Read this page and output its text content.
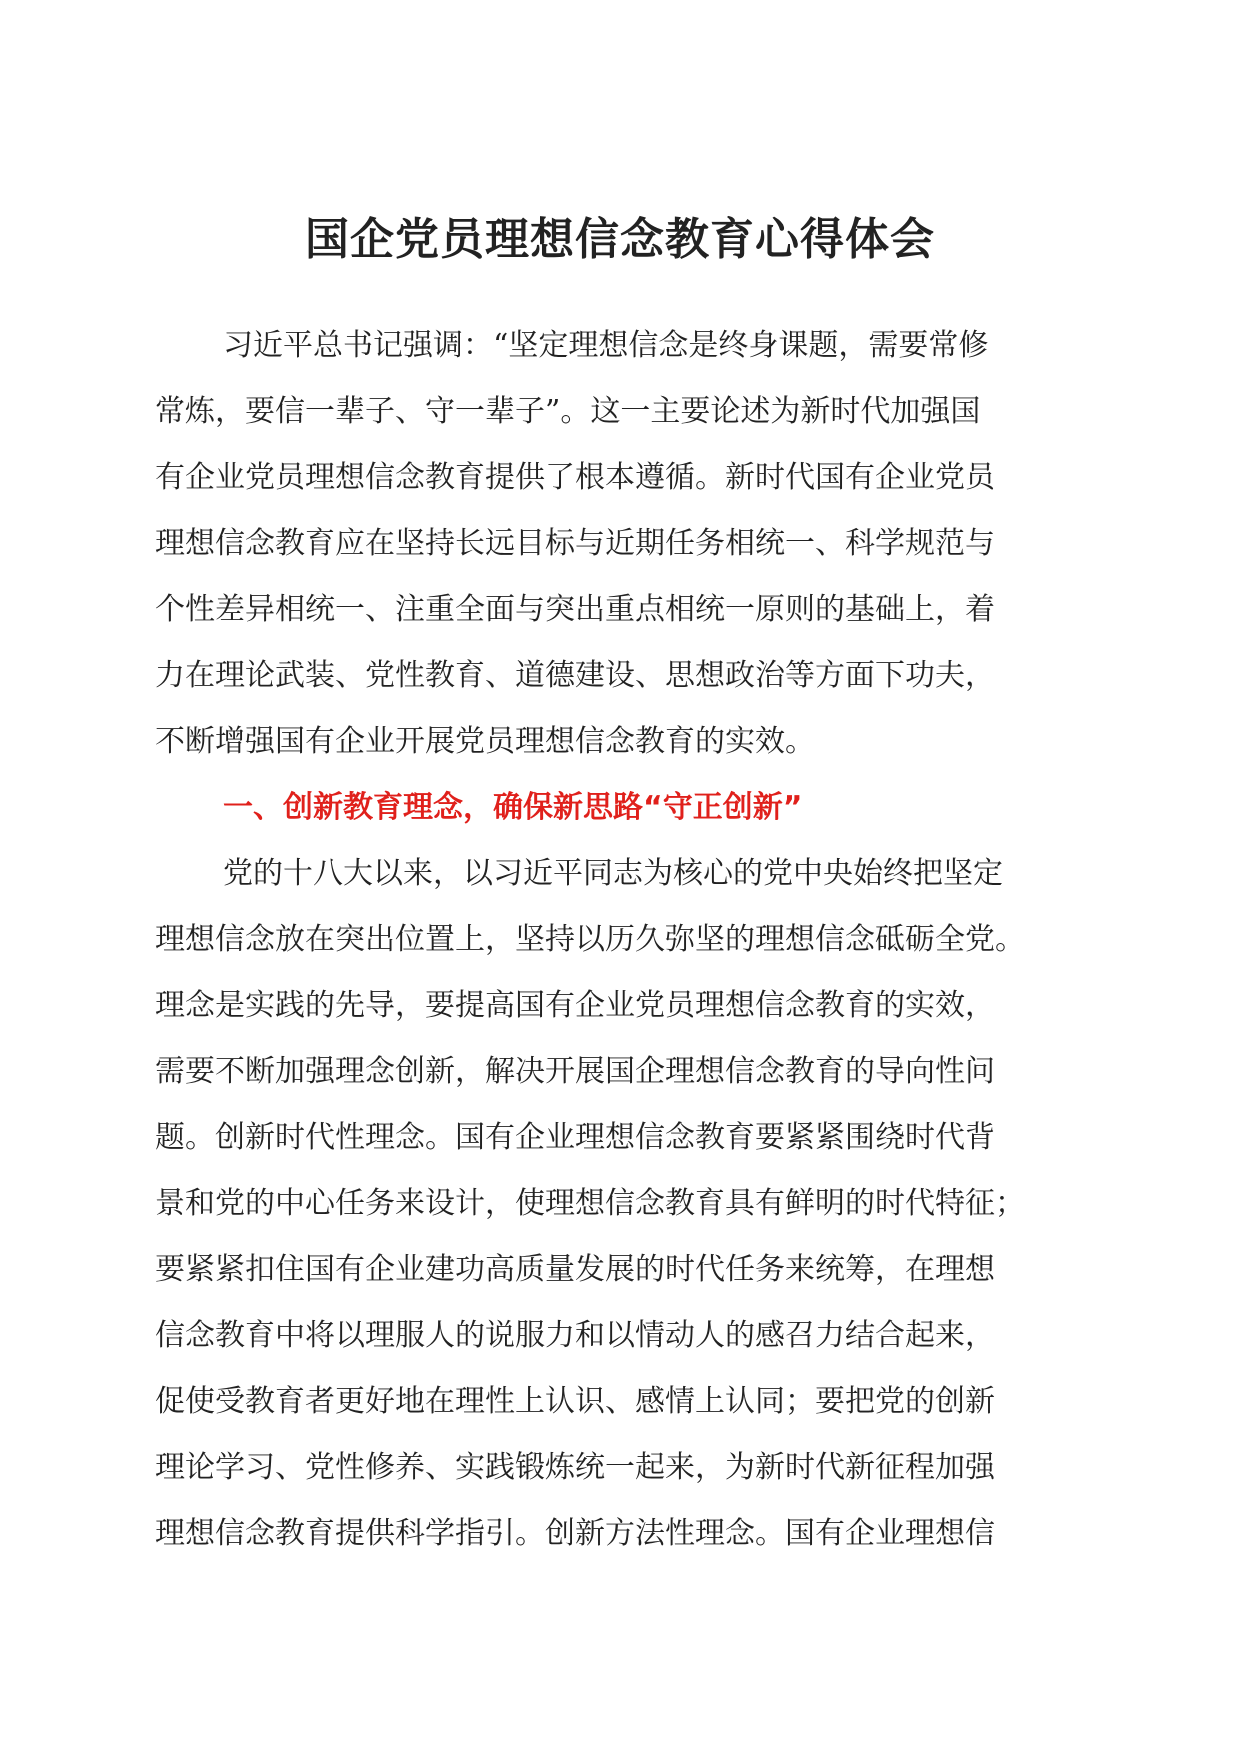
国企党员理想信念教育心得体会
习近平总书记强调：“坚定理想信念是终身课题，需要常修
常炼，要信一辈子、守一辈子”。这一主要论述为新时代加强国
有企业党员理想信念教育提供了根本遵循。新时代国有企业党员
理想信念教育应在坚持长远目标与近期任务相统一、科学规范与
个性差异相统一、注重全面与突出重点相统一原则的基础上，着
力在理论武装、党性教育、道德建设、思想政治等方面下功夫，
不断增强国有企业开展党员理想信念教育的实效。
一、创新教育理念，确保新思路“守正创新”
党的十八大以来，以习近平同志为核心的党中央始终把坚定
理想信念放在突出位置上，坚持以历久弥坚的理想信念砥砺全党。
理念是实践的先导，要提高国有企业党员理想信念教育的实效，
需要不断加强理念创新，解决开展国企理想信念教育的导向性问
题。创新时代性理念。国有企业理想信念教育要紧紧围绕时代背
景和党的中心任务来设计，使理想信念教育具有鲜明的时代特征；
要紧紧扣住国有企业建功高质量发展的时代任务来统筹，在理想
信念教育中将以理服人的说服力和以情动人的感召力结合起来，
促使受教育者更好地在理性上认识、感情上认同；要把党的创新
理论学习、党性修养、实践锻炼统一起来，为新时代新征程加强
理想信念教育提供科学指引。创新方法性理念。国有企业理想信
